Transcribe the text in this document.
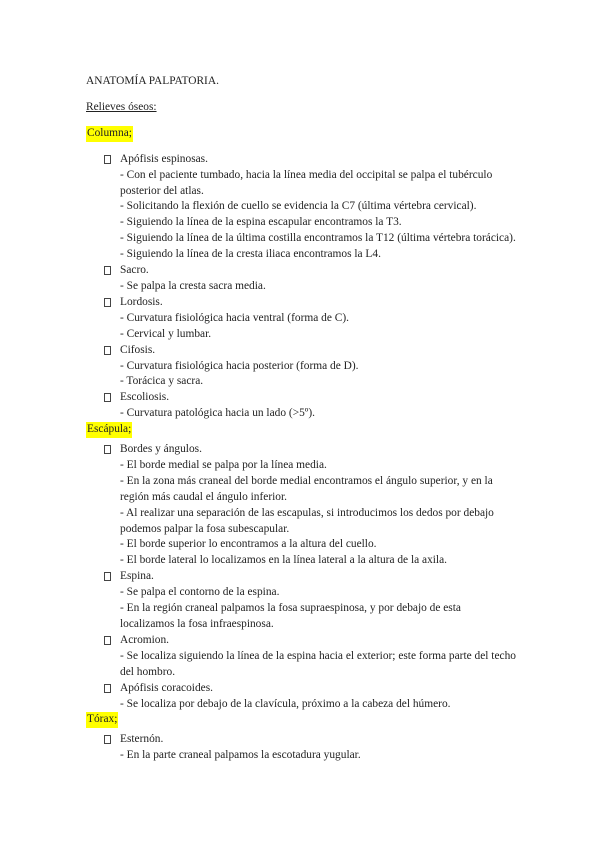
ANATOMÍA PALPATORIA.
Relieves óseos:
Columna;
Apófisis espinosas.
- Con el paciente tumbado, hacia la línea media del occipital se palpa el tubérculo posterior del atlas.
- Solicitando la flexión de cuello se evidencia la C7 (última vértebra cervical).
- Siguiendo la línea de la espina escapular encontramos la T3.
- Siguiendo la línea de la última costilla encontramos la T12 (última vértebra torácica).
- Siguiendo la línea de la cresta iliaca encontramos la L4.
Sacro.
- Se palpa la cresta sacra media.
Lordosis.
- Curvatura fisiológica hacia ventral (forma de C).
- Cervical y lumbar.
Cifosis.
- Curvatura fisiológica hacia posterior (forma de D).
- Torácica y sacra.
Escoliosis.
- Curvatura patológica hacia un lado (>5º).
Escápula;
Bordes y ángulos.
- El borde medial se palpa por la línea media.
- En la zona más craneal del borde medial encontramos el ángulo superior, y en la región más caudal el ángulo inferior.
- Al realizar una separación de las escapulas, si introducimos los dedos por debajo podemos palpar la fosa subescapular.
- El borde superior lo encontramos a la altura del cuello.
- El borde lateral lo localizamos en la línea lateral a la altura de la axila.
Espina.
- Se palpa el contorno de la espina.
- En la región craneal palpamos la fosa supraespinosa, y por debajo de esta localizamos la fosa infraespinosa.
Acromion.
- Se localiza siguiendo la línea de la espina hacia el exterior; este forma parte del techo del hombro.
Apófisis coracoides.
- Se localiza por debajo de la clavícula, próximo a la cabeza del húmero.
Tórax;
Esternón.
- En la parte craneal palpamos la escotadura yugular.
